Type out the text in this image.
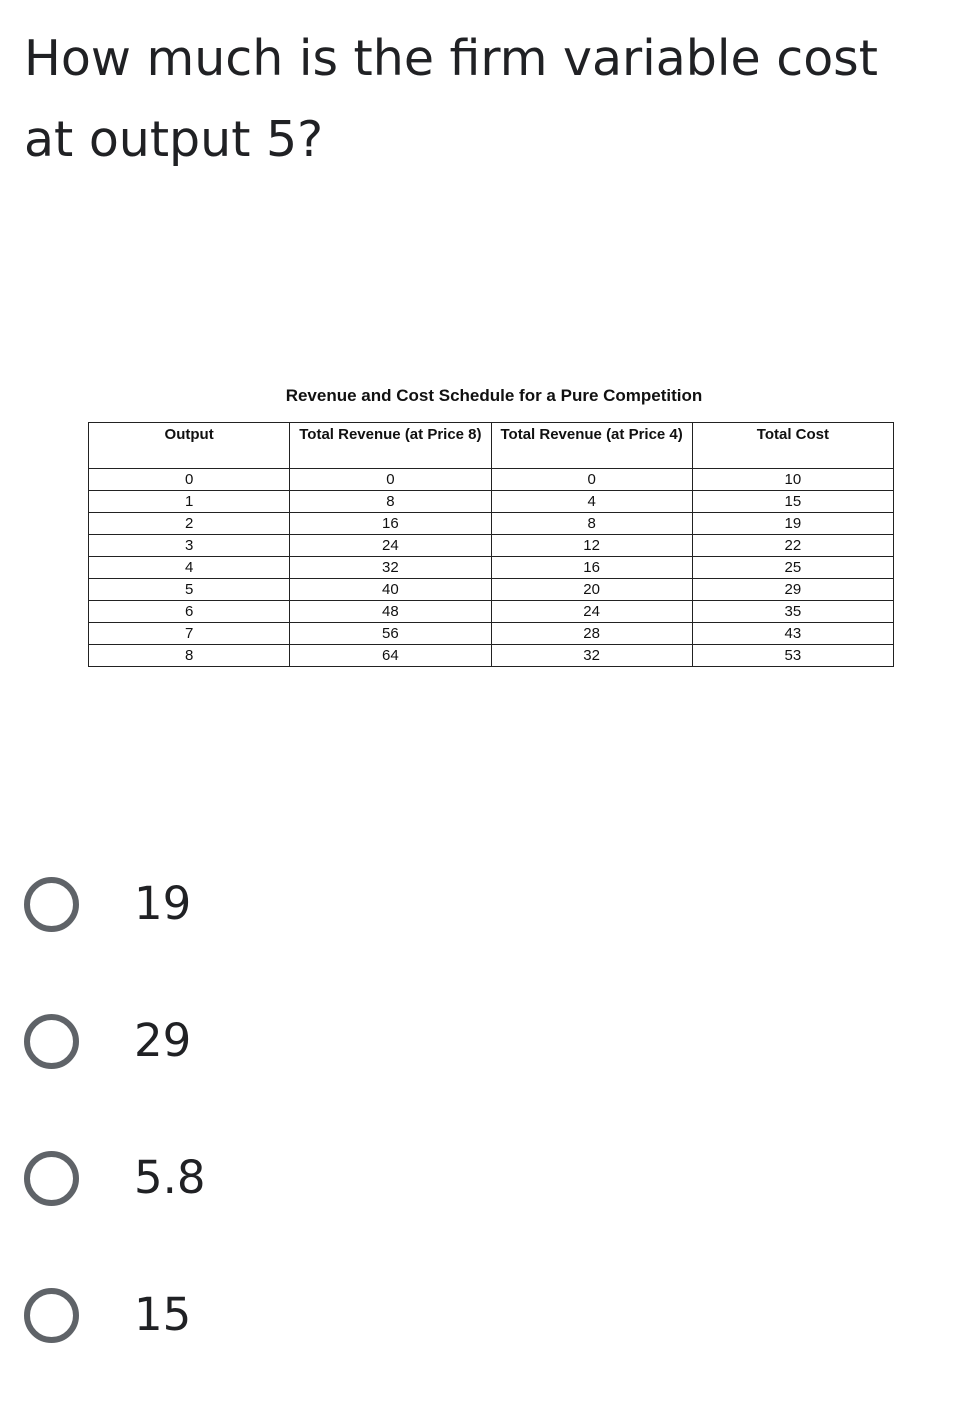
How much is the firm variable cost at output 5?
Revenue and Cost Schedule for a Pure Competition
Output	Total Revenue (at Price 8)	Total Revenue (at Price 4)	Total Cost
0	0	0	10
1	8	4	15
2	16	8	19
3	24	12	22
4	32	16	25
5	40	20	29
6	48	24	35
7	56	28	43
8	64	32	53
19
29
5.8
15
